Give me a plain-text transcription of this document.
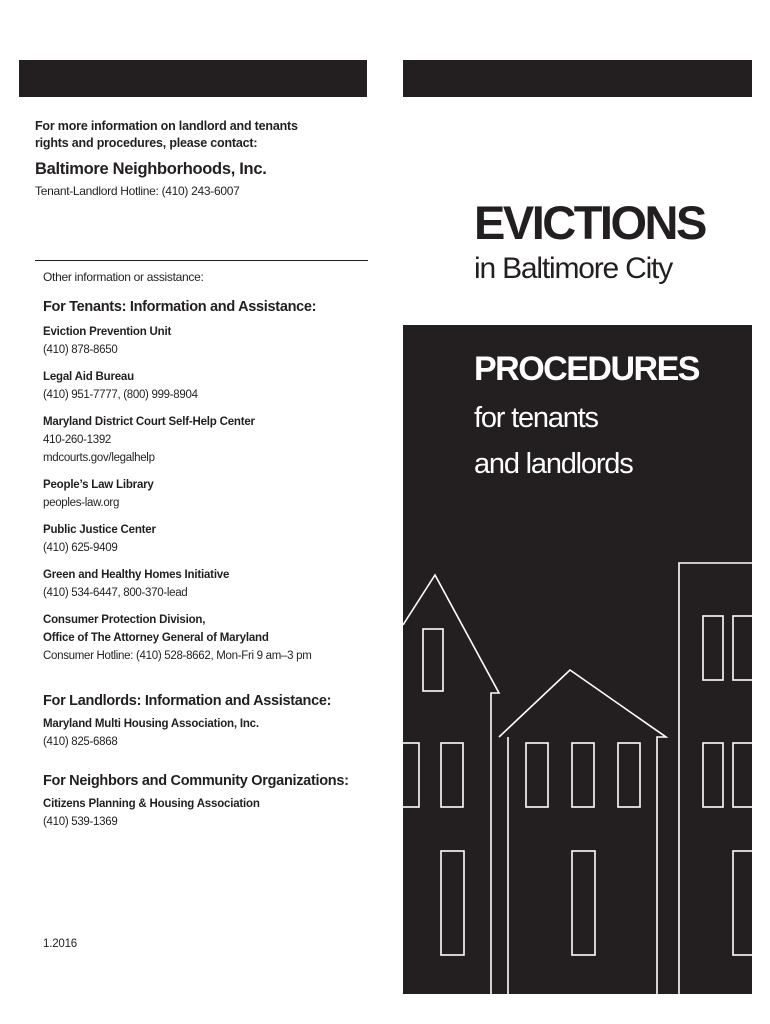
For more information on landlord and tenants
rights and procedures, please contact:

Baltimore Neighborhoods, Inc.

Tenant-Landlord Hotline: (410) 243-6007

Other information or assistance:

For Tenants: Information and Assistance:

Eviction Prevention Unit
(410) 878-8650
Legal Aid Bureau
(410) 951-7777, (800) 999-8904
Maryland District Court Self-Help Center
410-260-1392
mdcourts.gov/legalhelp
People’s Law Library
peoples-law.org
Public Justice Center
(410) 625-9409
Green and Healthy Homes Initiative
(410) 534-6447, 800-370-lead
Consumer Protection Division,
Office of The Attorney General of Maryland
Consumer Hotline: (410) 528-8662, Mon-Fri 9 am–3 pm

For Landlords: Information and Assistance:

Maryland Multi Housing Association, Inc.
(410) 825-6868

For Neighbors and Community Organizations:

Citizens Planning & Housing Association
(410) 539-1369
1.2016
EVICTIONS
in Baltimore City
PROCEDURES
for tenants
and landlords
